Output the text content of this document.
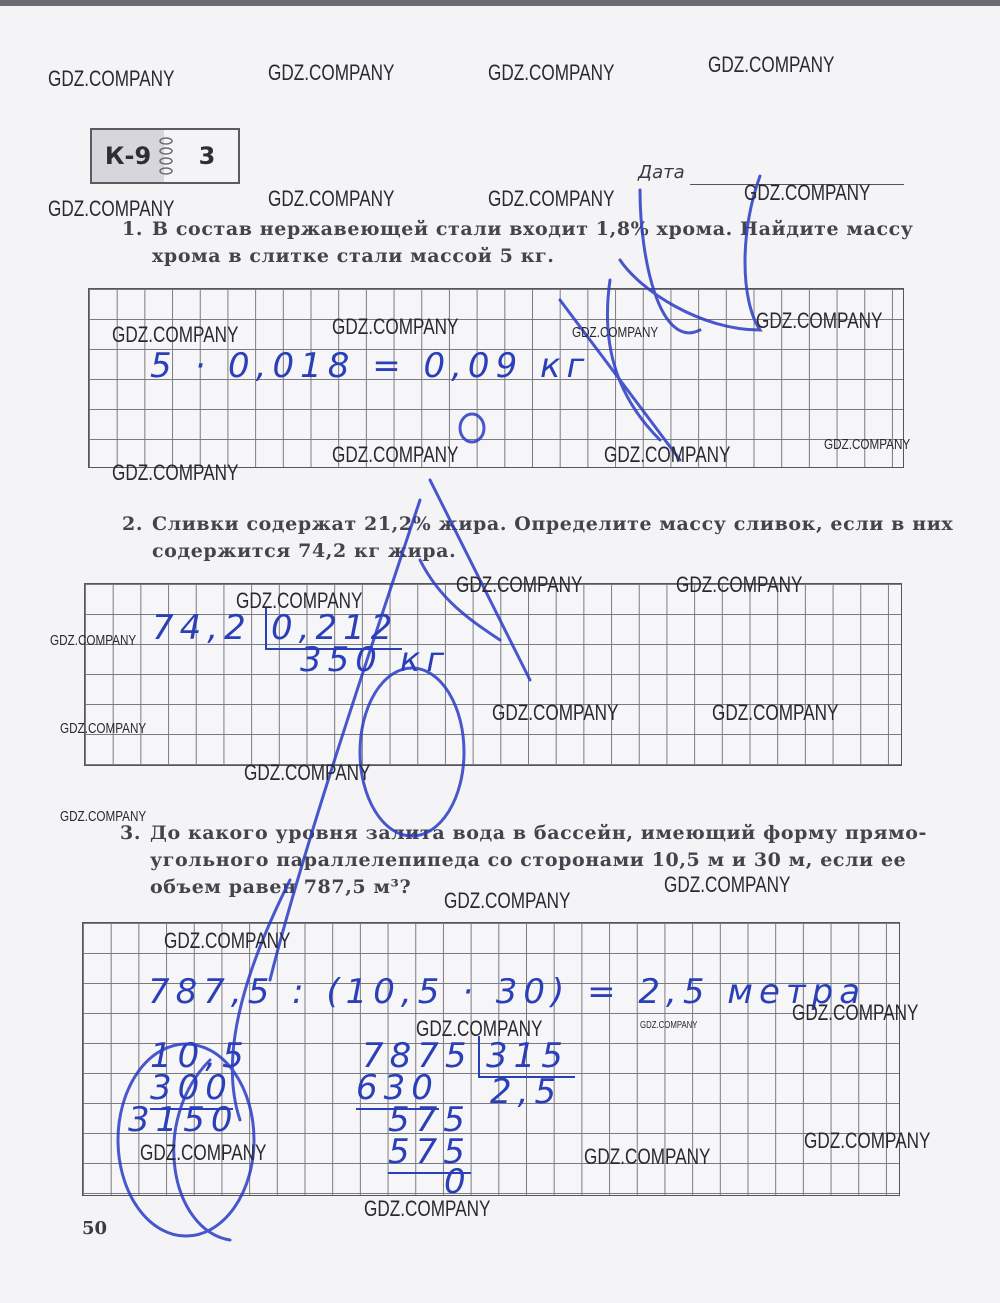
К-9	3
Дата
1. В состав нержавеющей стали входит 1,8% хрома. Найдите массу
хрома в слитке стали массой 5 кг.
5 · 0,018 = 0,09 кг
2. Сливки содержат 21,2% жира. Определите массу сливок, если в них
содержится 74,2 кг жира.
74,2 0,212
350 кг
3. До какого уровня залита вода в бассейн, имеющий форму прямо-
угольного параллелепипеда со сторонами 10,5 м и 30 м, если ее
объем равен 787,5 м³?
787,5 : (10,5 · 30) = 2,5 метра
10,5
300
3150
7875 315
630 2,5
575
575
0
50
GDZ.COMPANY	GDZ.COMPANY	GDZ.COMPANY	GDZ.COMPANY
GDZ.COMPANY	GDZ.COMPANY	GDZ.COMPANY	GDZ.COMPANY
GDZ.COMPANY	GDZ.COMPANY	GDZ.COMPANY	GDZ.COMPANY
GDZ.COMPANY
GDZ.COMPANY
GDZ.COMPANY	GDZ.COMPANY
GDZ.COMPANY	GDZ.COMPANY
GDZ.COMPANY
GDZ.COMPANY
GDZ.COMPANY	GDZ.COMPANY
GDZ.COMPANY
GDZ.COMPANY
GDZ.COMPANY
GDZ.COMPANY
GDZ.COMPANY
GDZ.COMPANY
GDZ.COMPANY
GDZ.COMPANY
GDZ.COMPANY
GDZ.COMPANY
GDZ.COMPANY	GDZ.COMPANY
GDZ.COMPANY
